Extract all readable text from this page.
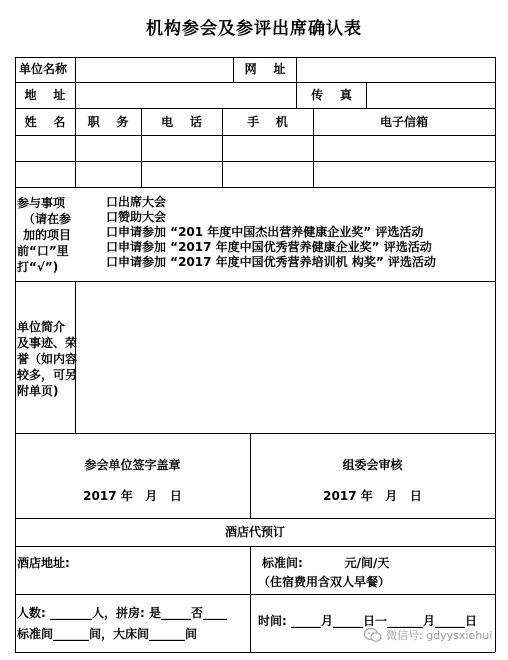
机构参会及参评出席确认表
单位名称	网    址
地    址	传    真
姓    名	职    务	电    话	手    机	电子信箱
参与事项
（请在参
加的项目
前“口”里
打“√”)
口出席大会
口赞助大会
口申请参加 “201 年度中国杰出营养健康企业奖” 评选活动
口申请参加 “2017 年度中国优秀营养健康企业奖” 评选活动
口申请参加 “2017 年度中国优秀营养培训机 构奖” 评选活动
单位简介
及事迹、荣
誉（如内容
较多，可另
附单页)
参会单位签字盖章
2017 年   月   日
组委会审核
2017 年   月   日
酒店代预订
酒店地址:	标准间:          元/间/天
（住宿费用含双人早餐）
人数: _______人，拼房: 是_____否____
标准间______间，大床间______间
时间: _____月_____日一______月_____日
微信号: gdyysxiehui
